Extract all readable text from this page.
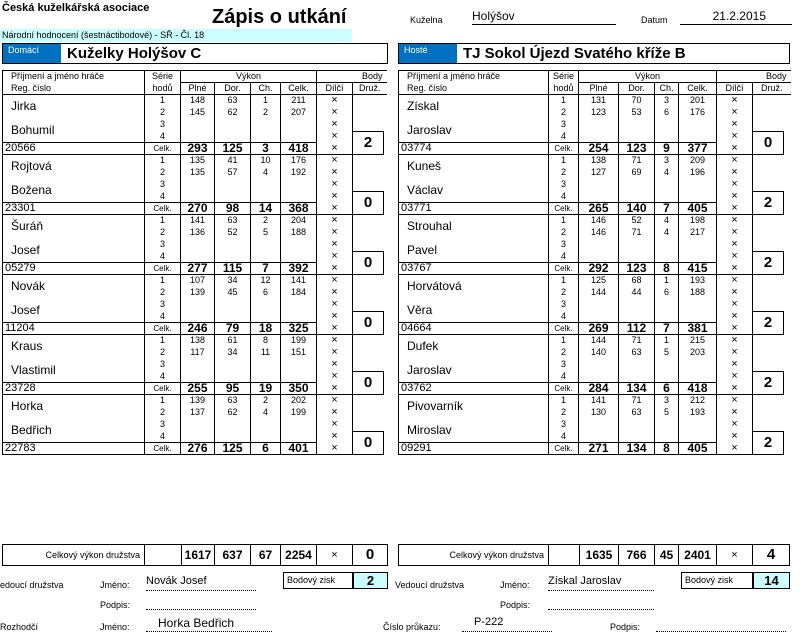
Česká kuželkářská asociace	Zápis o utkání
Národní hodnocení (šestnáctibodové) - SŘ - Čl. 18
Kuželna Holýšov	Datum	21.2.2015
Domácí	Kuželky Holýšov C	Hosté	TJ Sokol Újezd Svatého kříže B
Příjmení a jméno hráče	Série	Výkon				Body	
Reg. číslo	hodů	Plné	Dor.	Ch.	Celk.	Dílčí	Druž.
Jirka	1	148	63	1	211	×	2

	2	145	62	2	207	×	
Bohumil	3					×	
	4					×	
20566	Celk.	293	125	3	418	×	
Rojtová	1	135	41	10	176	×	0

	2	135	57	4	192	×	
Božena	3					×	
	4					×	
23301	Celk.	270	98	14	368	×	
Šuráň	1	141	63	2	204	×	0

	2	136	52	5	188	×	
Josef	3					×	
	4					×	
05279	Celk.	277	115	7	392	×	
Novák	1	107	34	12	141	×	0

	2	139	45	6	184	×	
Josef	3					×	
	4					×	
11204	Celk.	246	79	18	325	×	
Kraus	1	138	61	8	199	×	0

	2	117	34	11	151	×	
Vlastimil	3					×	
	4					×	
23728	Celk.	255	95	19	350	×	
Horka	1	139	63	2	202	×	0

	2	137	62	4	199	×	
Bedřich	3					×	
	4					×	
22783	Celk.	276	125	6	401	×	
Příjmení a jméno hráče	Série	Výkon				Body	
Reg. číslo	hodů	Plné	Dor.	Ch.	Celk.	Dílčí	Druž.
Získal	1	131	70	3	201	×	0

	2	123	53	6	176	×	
Jaroslav	3					×	
	4					×	
03774	Celk.	254	123	9	377	×	
Kuneš	1	138	71	3	209	×	2

	2	127	69	4	196	×	
Václav	3					×	
	4					×	
03771	Celk.	265	140	7	405	×	
Strouhal	1	146	52	4	198	×	2

	2	146	71	4	217	×	
Pavel	3					×	
	4					×	
03767	Celk.	292	123	8	415	×	
Horvátová	1	125	68	1	193	×	2

	2	144	44	6	188	×	
Věra	3					×	
	4					×	
04664	Celk.	269	112	7	381	×	
Dufek	1	144	71	1	215	×	2

	2	140	63	5	203	×	
Jaroslav	3					×	
	4					×	
03762	Celk.	284	134	6	418	×	
Pivovarník	1	141	71	3	212	×	2

	2	130	63	5	193	×	
Miroslav	3					×	
	4					×	
09291	Celk.	271	134	8	405	×	
Celkový výkon družstva	1617 637	67	2254	×	0	Celkový výkon družstva	1635	766	45 2401	×	4
edoucí družstva	Jméno: Novák Josef	Bodový zisk	2
Podpis:
Vedoucí družstva	Jméno: Získal Jaroslav	Bodový zisk	14
Podpis:
Rozhodčí	Jméno:	Horka Bedřich	Číslo průkazu:	P-222	Podpis:
